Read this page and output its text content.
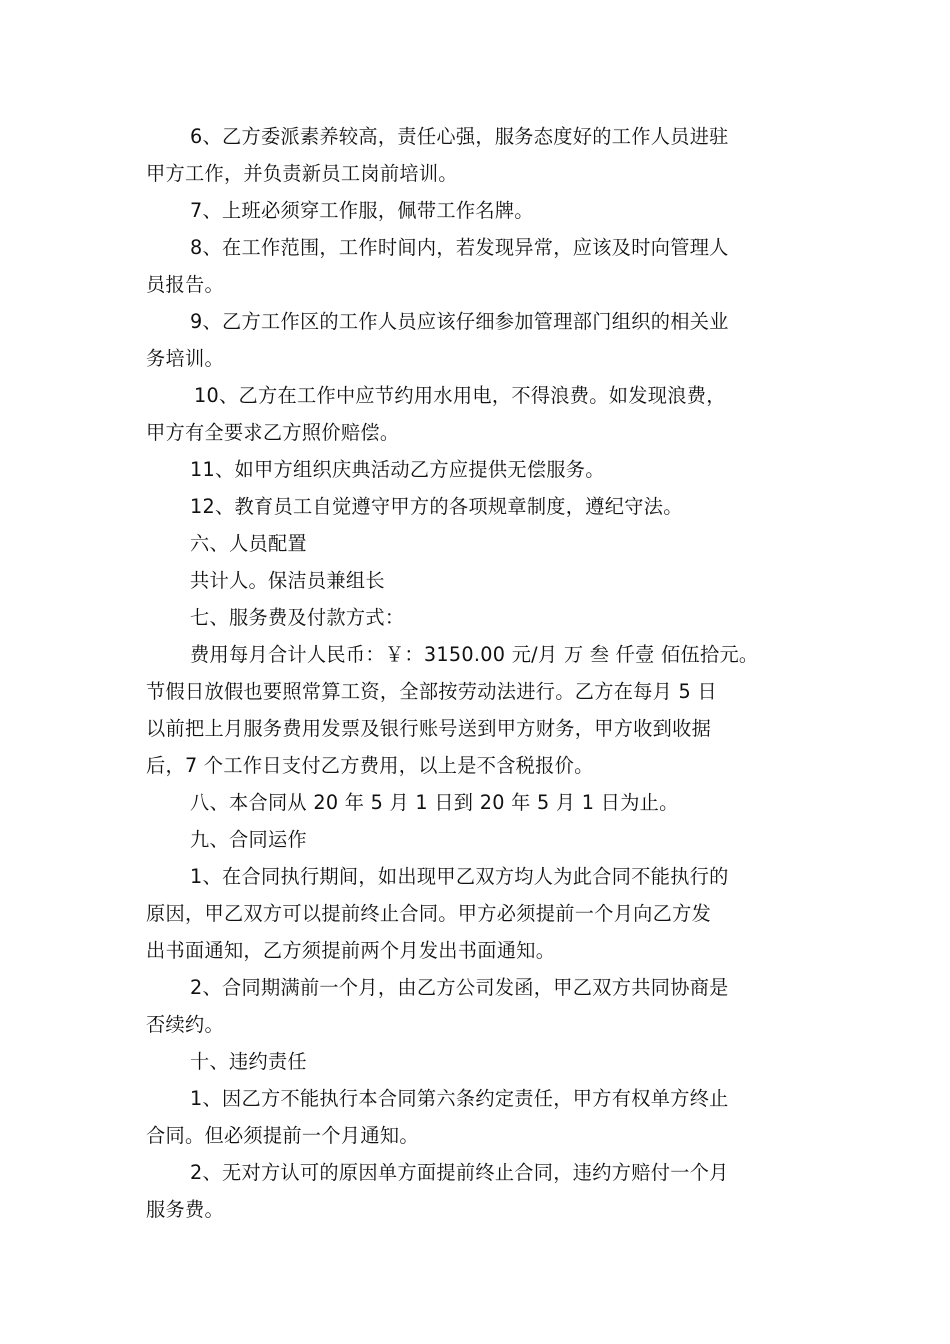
6、乙方委派素养较高，责任心强，服务态度好的工作人员进驻
甲方工作，并负责新员工岗前培训。
7、上班必须穿工作服，佩带工作名牌。
8、在工作范围，工作时间内，若发现异常，应该及时向管理人
员报告。
9、乙方工作区的工作人员应该仔细参加管理部门组织的相关业
务培训。
10、乙方在工作中应节约用水用电，不得浪费。如发现浪费，
甲方有全要求乙方照价赔偿。
11、如甲方组织庆典活动乙方应提供无偿服务。
12、教育员工自觉遵守甲方的各项规章制度，遵纪守法。
六、人员配置
共计人。保洁员兼组长
七、服务费及付款方式：
费用每月合计人民币：￥：3150.00 元/月 万 叁 仟壹 佰伍拾元。
节假日放假也要照常算工资，全部按劳动法进行。乙方在每月 5 日
以前把上月服务费用发票及银行账号送到甲方财务，甲方收到收据
后，7 个工作日支付乙方费用，以上是不含税报价。
八、本合同从 20 年 5 月 1 日到 20 年 5 月 1 日为止。
九、合同运作
1、在合同执行期间，如出现甲乙双方均人为此合同不能执行的
原因，甲乙双方可以提前终止合同。甲方必须提前一个月向乙方发
出书面通知，乙方须提前两个月发出书面通知。
2、合同期满前一个月，由乙方公司发函，甲乙双方共同协商是
否续约。
十、违约责任
1、因乙方不能执行本合同第六条约定责任，甲方有权单方终止
合同。但必须提前一个月通知。
2、无对方认可的原因单方面提前终止合同，违约方赔付一个月
服务费。
